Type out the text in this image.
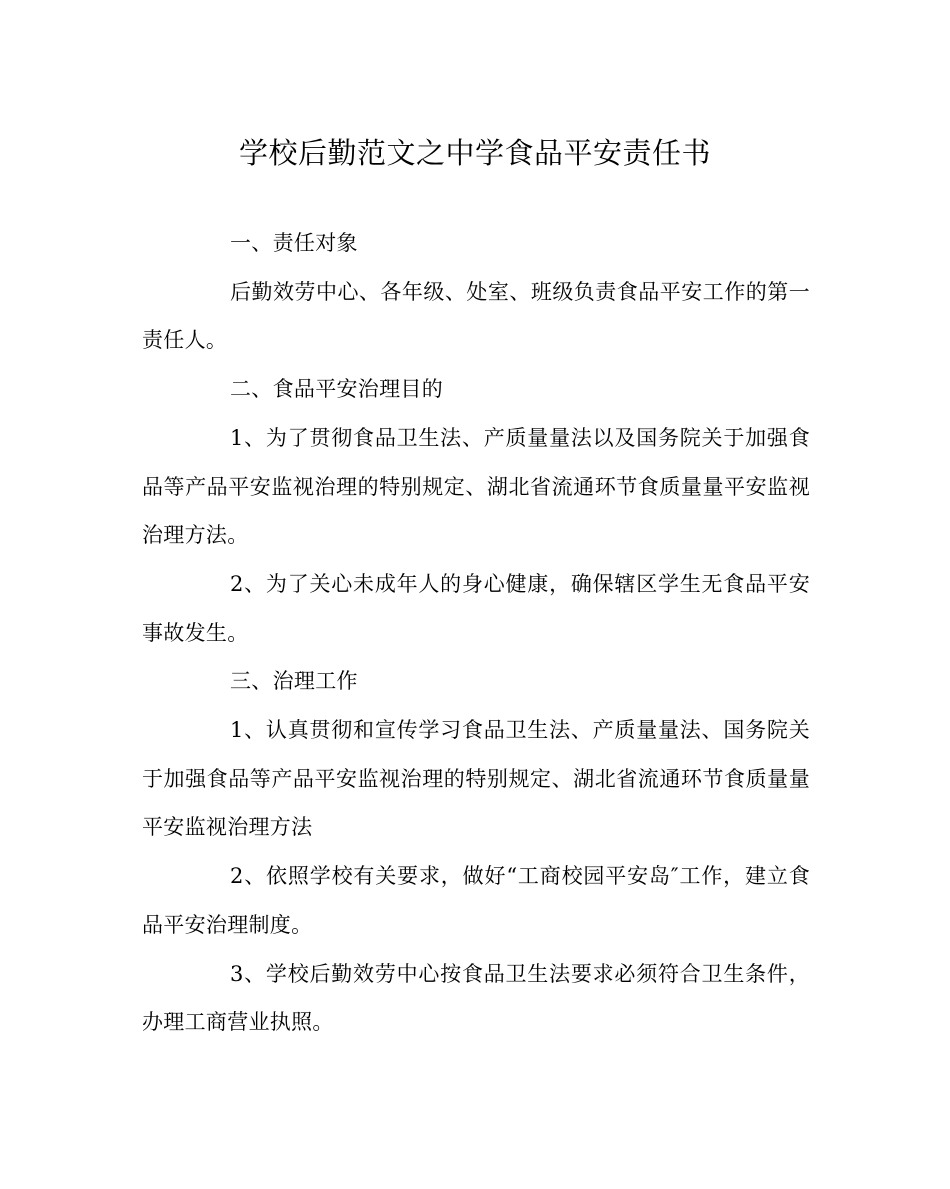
学校后勤范文之中学食品平安责任书

一、责任对象

后勤效劳中心、各年级、处室、班级负责食品平安工作的第一责任人。

二、食品平安治理目的

1、为了贯彻食品卫生法、产质量量法以及国务院关于加强食品等产品平安监视治理的特别规定、湖北省流通环节食质量量平安监视治理方法。

2、为了关心未成年人的身心健康，确保辖区学生无食品平安事故发生。

三、治理工作

1、认真贯彻和宣传学习食品卫生法、产质量量法、国务院关于加强食品等产品平安监视治理的特别规定、湖北省流通环节食质量量平安监视治理方法

2、依照学校有关要求，做好“工商校园平安岛″工作，建立食品平安治理制度。

3、学校后勤效劳中心按食品卫生法要求必须符合卫生条件，办理工商营业执照。
